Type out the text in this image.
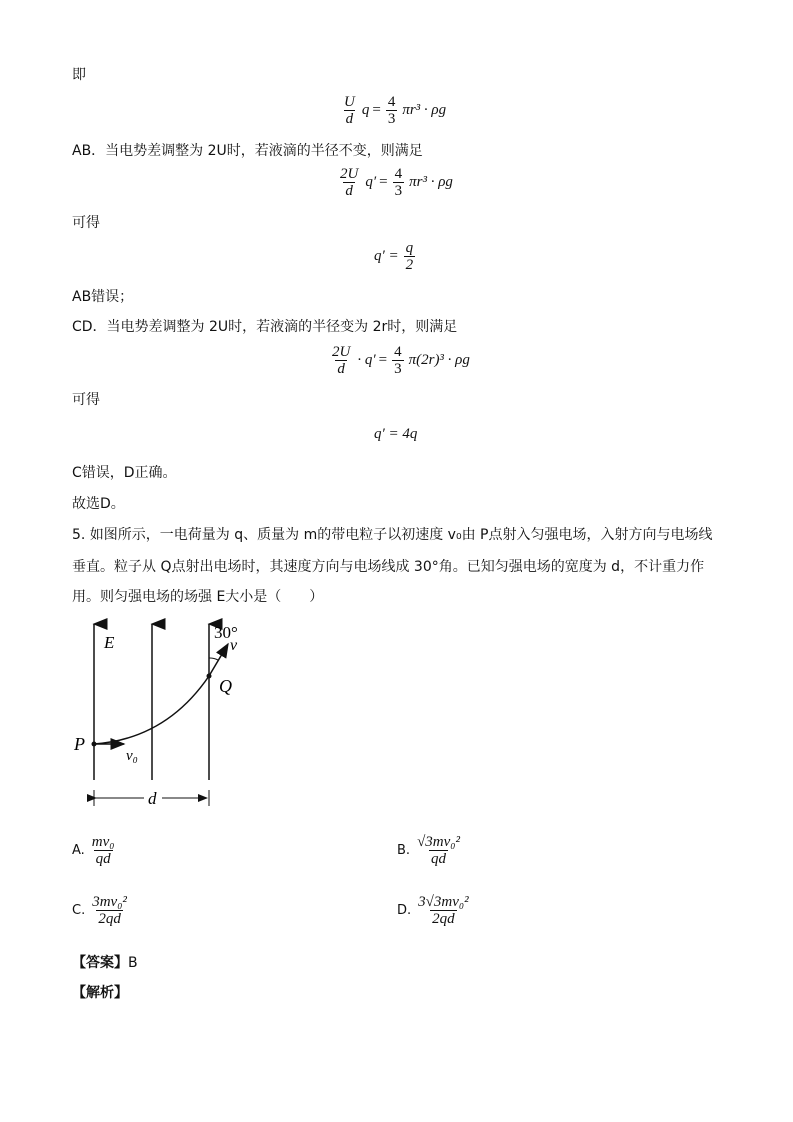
即
$\frac{U}{d}$ $q = \frac{4}{3} \pi r^3 \cdot \rho g$
AB．当电势差调整为 2U时，若液滴的半径不变，则满足
$\frac{2U}{d} q' = \frac{4}{3} \pi r^3 \cdot \rho g$
可得
$q' = \frac{q}{2}$
AB错误；
CD．当电势差调整为 2U时，若液滴的半径变为 2r时，则满足
$\frac{2U}{d} \cdot q' = \frac{4}{3} \pi(2r)^3 \cdot \rho g$
可得
q′ = 4q
C错误，D正确。
故选D。
5. 如图所示，一电荷量为 q、质量为 m的带电粒子以初速度 v₀由 P点射入匀强电场，入射方向与电场线
垂直。粒子从 Q点射出电场时，其速度方向与电场线成 30°角。已知匀强电场的宽度为 d，不计重力作
用。则匀强电场的场强 E大小是（　　）
E
30°
v
Q
P
v₀
d
A. $\frac{\text{mv₀}}{qd}$	B. $\frac{\text{√3mv₀²}}{qd}$
C. $\frac{\text{3mv₀²}}{2qd}$	D. $\frac{\text{3√3mv₀²}}{2qd}$
【答案】B
【解析】
